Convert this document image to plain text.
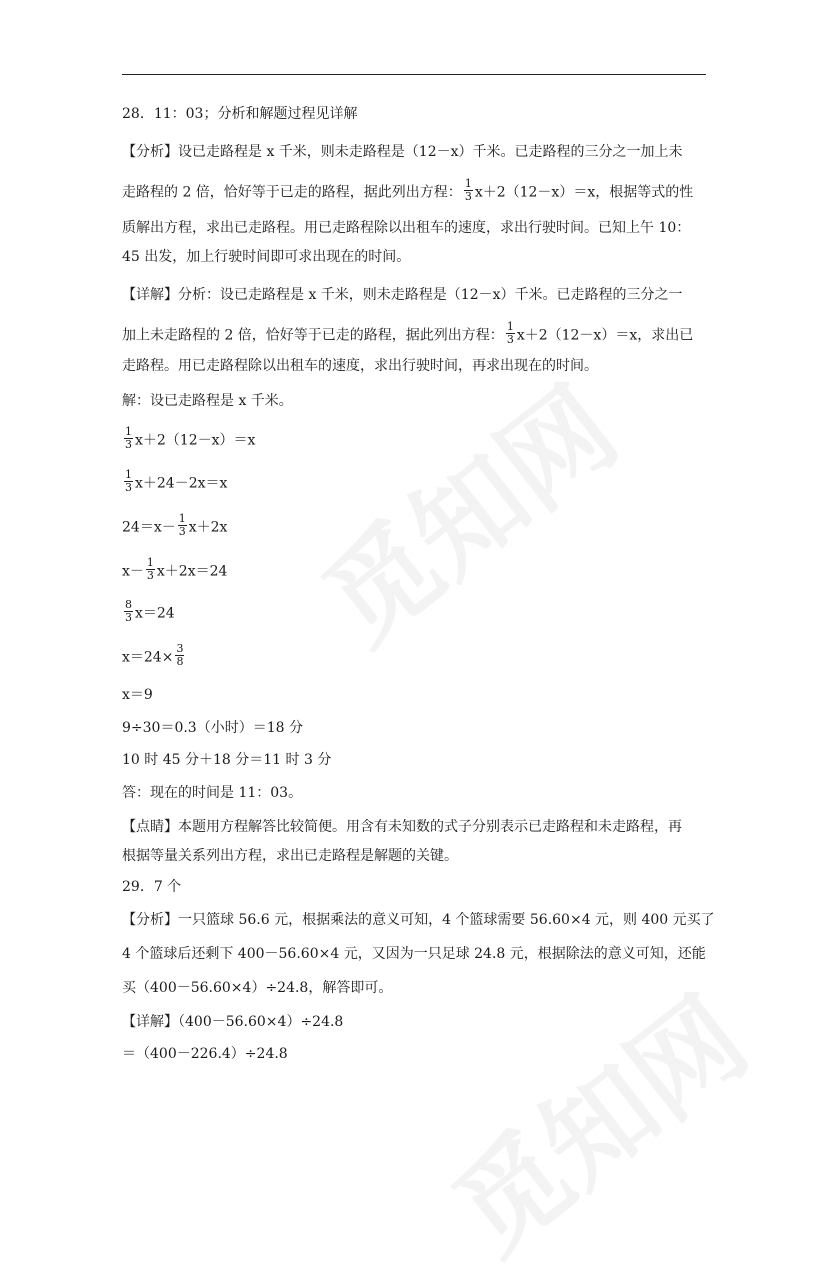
28．11：03；分析和解题过程见详解
【分析】设已走路程是 x 千米，则未走路程是（12－x）千米。已走路程的三分之一加上未
走路程的 2 倍，恰好等于已走的路程，据此列出方程： $\frac{1}{3} x+2(12-x)=x$，根据等式的性
质解出方程，求出已走路程。用已走路程除以出租车的速度，求出行驶时间。已知上午 10：
45 出发，加上行驶时间即可求出现在的时间。
【详解】分析：设已走路程是 x 千米，则未走路程是（12－x）千米。已走路程的三分之一
加上未走路程的 2 倍，恰好等于已走的路程，据此列出方程： $\frac{1}{3} x+2(12-x)=x$，求出已
走路程。用已走路程除以出租车的速度，求出行驶时间，再求出现在的时间。
解：设已走路程是 x 千米。
$\frac{1}{3} x+2(12-x)=x$
$\frac{1}{3} x+24-2x=x$
$24=x- \frac{1}{3} x+2x$
$x- \frac{1}{3} x+2x=24$
$\frac{8}{3} x=24$
$x=24\times \frac{3}{8}$
x＝9
9÷30＝0.3（小时）＝18 分
10 时 45 分＋18 分＝11 时 3 分
答：现在的时间是 11：03。
【点睛】本题用方程解答比较简便。用含有未知数的式子分别表示已走路程和未走路程，再
根据等量关系列出方程，求出已走路程是解题的关键。
29．7 个
【分析】一只篮球 56.6 元，根据乘法的意义可知，4 个篮球需要 56.60×4 元，则 400 元买了
4 个篮球后还剩下 400－56.60×4 元，又因为一只足球 24.8 元，根据除法的意义可知，还能
买（400－56.60×4）÷24.8，解答即可。
【详解】（400－56.60×4）÷24.8
＝（400－226.4）÷24.8
